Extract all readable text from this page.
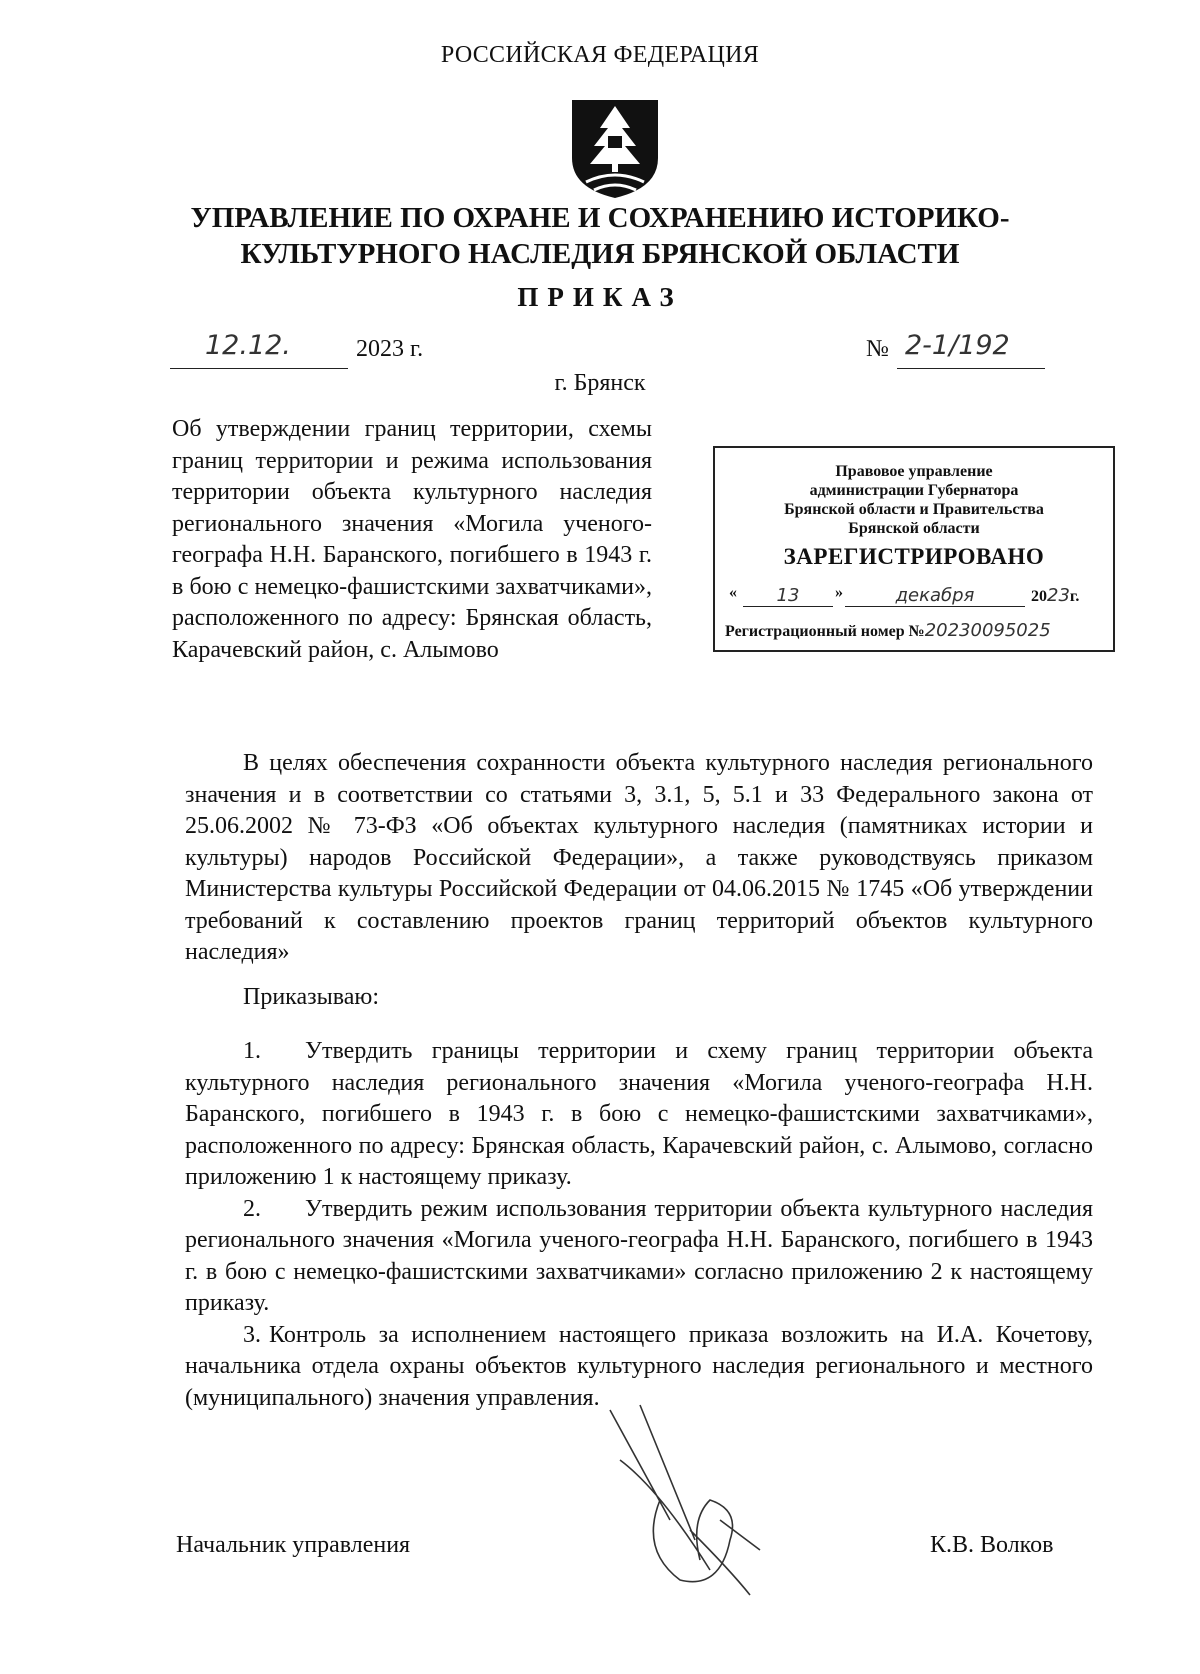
РОССИЙСКАЯ ФЕДЕРАЦИЯ
УПРАВЛЕНИЕ ПО ОХРАНЕ И СОХРАНЕНИЮ ИСТОРИКО-
КУЛЬТУРНОГО НАСЛЕДИЯ БРЯНСКОЙ ОБЛАСТИ
ПРИКАЗ
12.12.	2023 г.	№ 2-1/192
г. Брянск
Об утверждении границ территории, схемы границ территории и режима использования территории объекта культурного наследия регионального значения «Могила ученого-географа Н.Н. Баранского, погибшего в 1943 г. в бою с немецко-фашистскими захватчиками», расположенного по адресу: Брянская область, Карачевский район, с. Алымово
Правовое управление
администрации Губернатора
Брянской области и Правительства
Брянской области
ЗАРЕГИСТРИРОВАНО
«	13	»	декабря	2023г.
Регистрационный номер №20230095025
В целях обеспечения сохранности объекта культурного наследия регионального значения и в соответствии со статьями 3, 3.1, 5, 5.1 и 33 Федерального закона от 25.06.2002 № 73-ФЗ «Об объектах культурного наследия (памятниках истории и культуры) народов Российской Федерации», а также руководствуясь приказом Министерства культуры Российской Федерации от 04.06.2015 № 1745 «Об утверждении требований к составлению проектов границ территорий объектов культурного наследия»
Приказываю:

1. Утвердить границы территории и схему границ территории объекта культурного наследия регионального значения «Могила ученого-географа Н.Н. Баранского, погибшего в 1943 г. в бою с немецко-фашистскими захватчиками», расположенного по адресу: Брянская область, Карачевский район, с. Алымово, согласно приложению 1 к настоящему приказу.

2. Утвердить режим использования территории объекта культурного наследия регионального значения «Могила ученого-географа Н.Н. Баранского, погибшего в 1943 г. в бою с немецко-фашистскими захватчиками» согласно приложению 2 к настоящему приказу.

3. Контроль за исполнением настоящего приказа возложить на И.А. Кочетову, начальника отдела охраны объектов культурного наследия регионального и местного (муниципального) значения управления.

Начальник управления	К.В. Волков
